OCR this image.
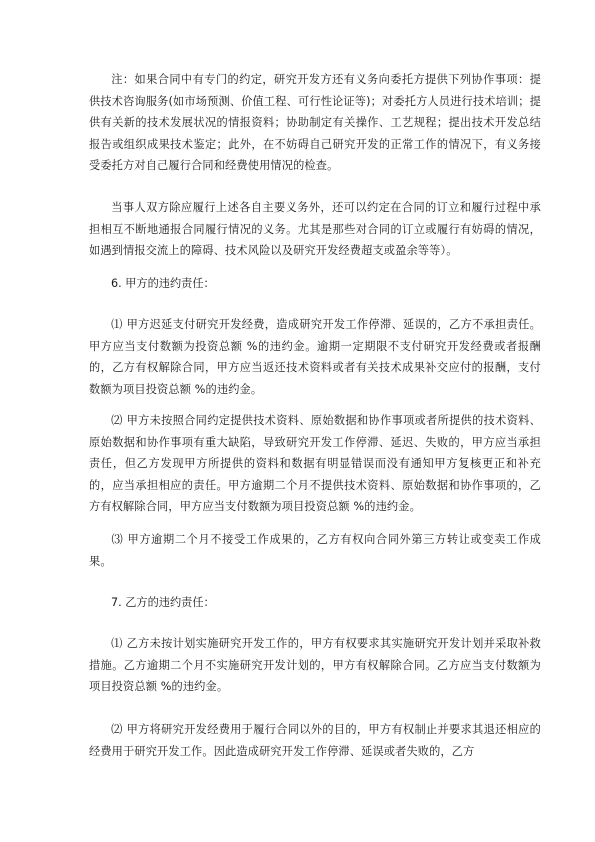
注：如果合同中有专门的约定，研究开发方还有义务向委托方提供下列协作事项：提供技术咨询服务(如市场预测、价值工程、可行性论证等)；对委托方人员进行技术培训；提供有关新的技术发展状况的情报资料；协助制定有关操作、工艺规程；提出技术开发总结报告或组织成果技术鉴定；此外，在不妨碍自己研究开发的正常工作的情况下，有义务接受委托方对自己履行合同和经费使用情况的检查。

当事人双方除应履行上述各自主要义务外，还可以约定在合同的订立和履行过程中承担相互不断地通报合同履行情况的义务。尤其是那些对合同的订立或履行有妨碍的情况，如遇到情报交流上的障碍、技术风险以及研究开发经费超支或盈余等等）。

6. 甲方的违约责任：

⑴ 甲方迟延支付研究开发经费，造成研究开发工作停滞、延误的，乙方不承担责任。甲方应当支付数额为投资总额 %的违约金。逾期一定期限不支付研究开发经费或者报酬的，乙方有权解除合同，甲方应当返还技术资料或者有关技术成果补交应付的报酬，支付数额为项目投资总额 %的违约金。

⑵ 甲方未按照合同约定提供技术资料、原始数据和协作事项或者所提供的技术资料、原始数据和协作事项有重大缺陷，导致研究开发工作停滞、延迟、失败的，甲方应当承担责任，但乙方发现甲方所提供的资料和数据有明显错误而没有通知甲方复核更正和补充的，应当承担相应的责任。甲方逾期二个月不提供技术资料、原始数据和协作事项的，乙方有权解除合同，甲方应当支付数额为项目投资总额 %的违约金。

⑶ 甲方逾期二个月不接受工作成果的，乙方有权向合同外第三方转让或变卖工作成果。

7. 乙方的违约责任：

⑴ 乙方未按计划实施研究开发工作的，甲方有权要求其实施研究开发计划并采取补救措施。乙方逾期二个月不实施研究开发计划的，甲方有权解除合同。乙方应当支付数额为项目投资总额 %的违约金。

⑵ 甲方将研究开发经费用于履行合同以外的目的，甲方有权制止并要求其退还相应的经费用于研究开发工作。因此造成研究开发工作停滞、延误或者失败的，乙方
